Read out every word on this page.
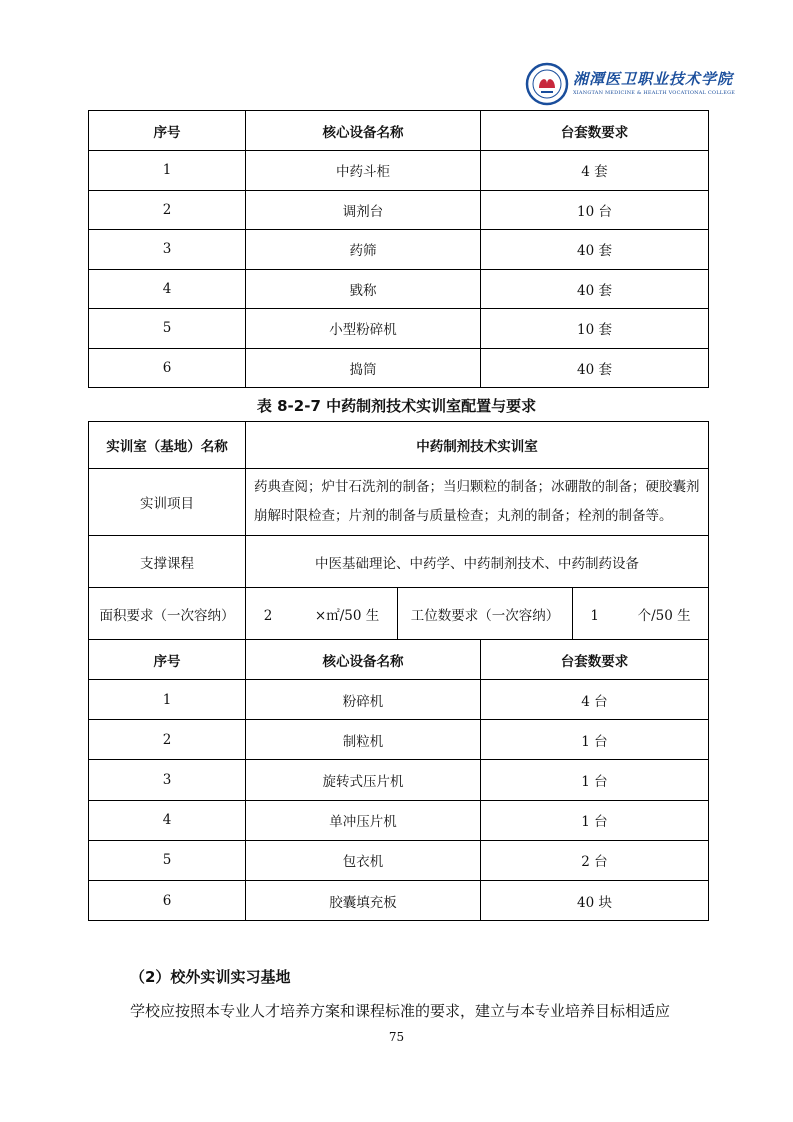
湘潭医卫职业技术学院
XIANGTAN MEDICINE & HEALTH VOCATIONAL COLLEGE
序号	核心设备名称	台套数要求
1	中药斗柜	4 套
2	调剂台	10 台
3	药筛	40 套
4	戥称	40 套
5	小型粉碎机	10 套
6	捣筒	40 套
表 8-2-7 中药制剂技术实训室配置与要求
实训室（基地）名称	中药制剂技术实训室			
实训项目	药典查阅；炉甘石洗剂的制备；当归颗粒的制备；冰硼散的制备；硬胶囊剂崩解时限检查；片剂的制备与质量检查；丸剂的制备；栓剂的制备等。			
支撑课程	中医基础理论、中药学、中药制剂技术、中药制药设备			
面积要求（一次容纳）	2 ×㎡/50 生	工位数要求（一次容纳）		1 个/50 生
序号	核心设备名称		台套数要求	
1	粉碎机		4 台	
2	制粒机		1 台	
3	旋转式压片机		1 台	
4	单冲压片机		1 台	
5	包衣机		2 台	
6	胶囊填充板		40 块	
（2）校外实训实习基地
学校应按照本专业人才培养方案和课程标准的要求，建立与本专业培养目标相适应
75
